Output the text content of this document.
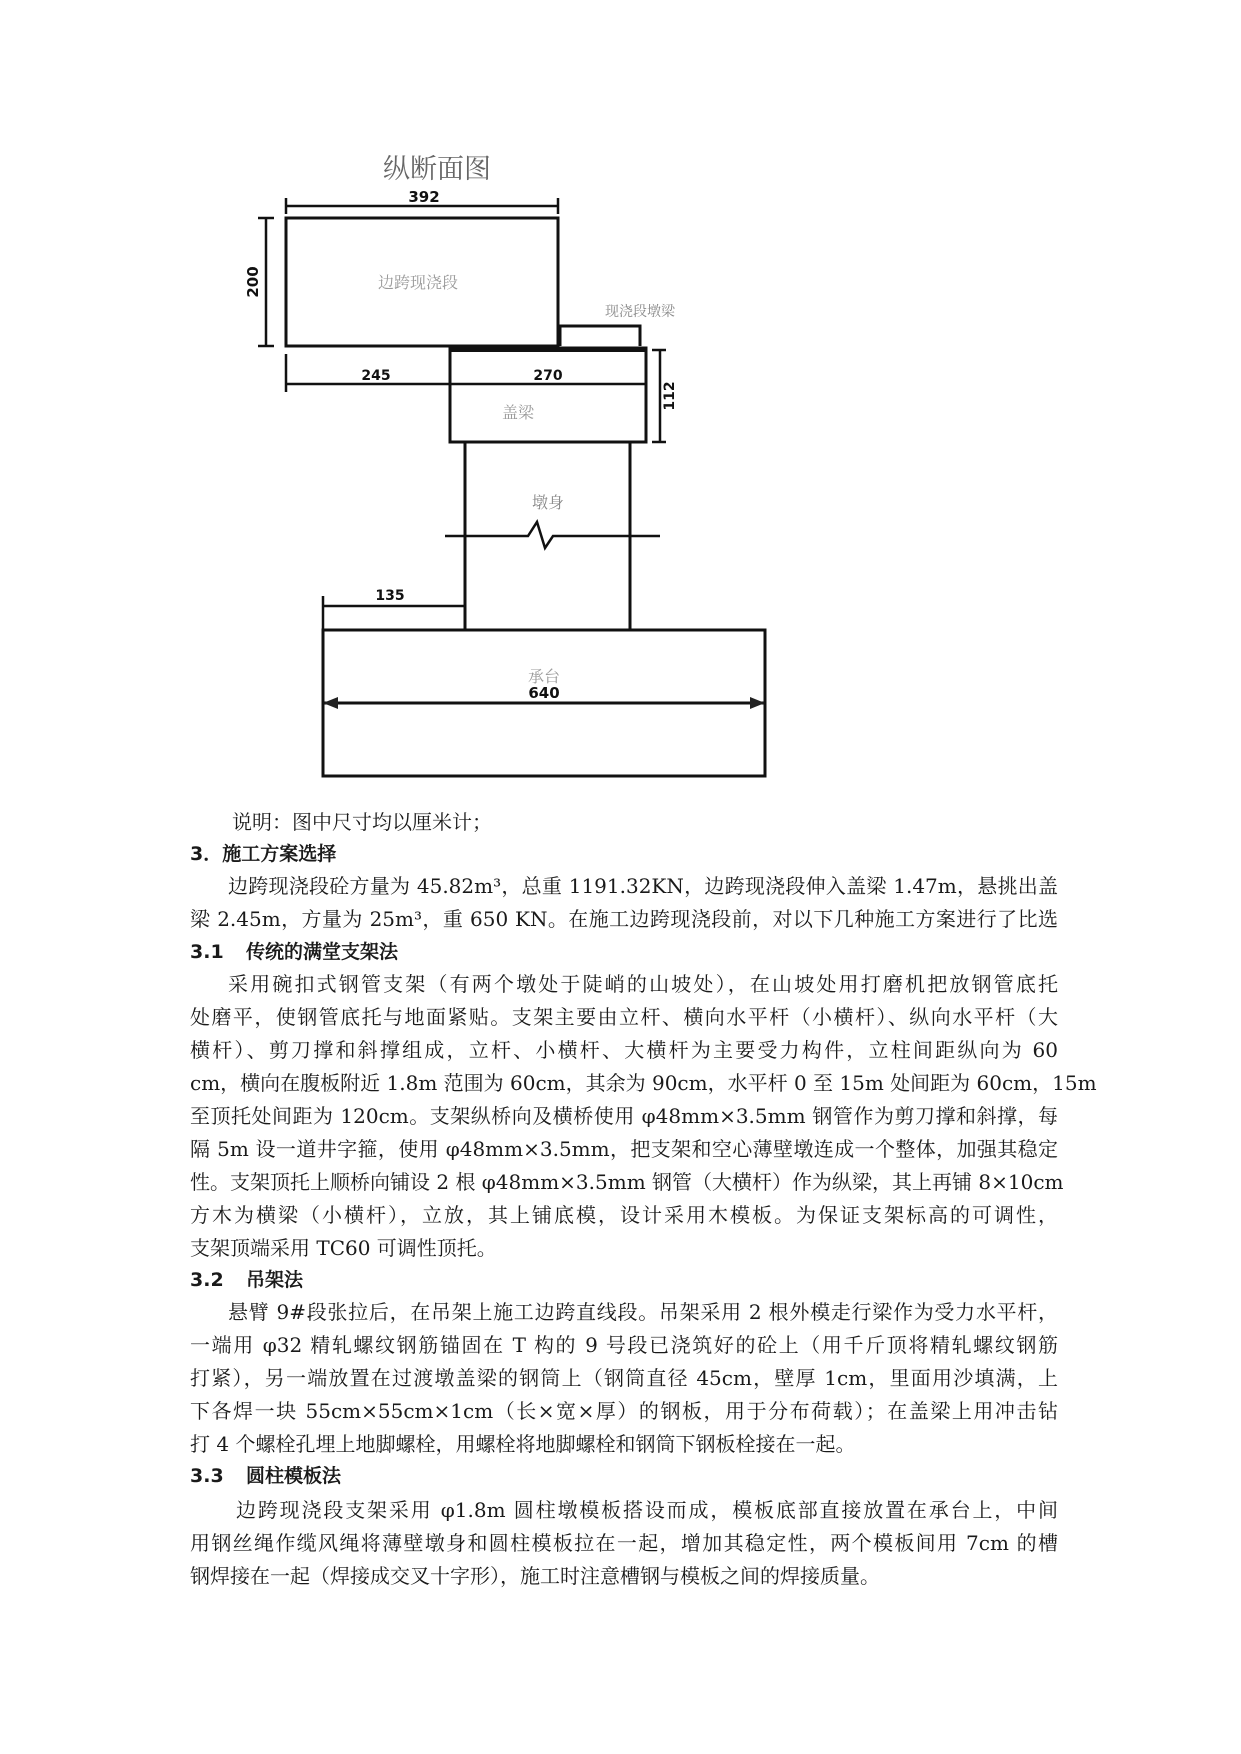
纵断面图
392
200	边跨现浇段
现浇段墩梁
245	270
112
盖梁
墩身
135
承台
640
说明：图中尺寸均以厘米计；
3．施工方案选择
边跨现浇段砼方量为 45.82m³，总重 1191.32KN，边跨现浇段伸入盖梁 1.47m，悬挑出盖
梁 2.45m，方量为 25m³，重 650 KN。在施工边跨现浇段前，对以下几种施工方案进行了比选
3.1 传统的满堂支架法
采用碗扣式钢管支架（有两个墩处于陡峭的山坡处），在山坡处用打磨机把放钢管底托
处磨平，使钢管底托与地面紧贴。支架主要由立杆、横向水平杆（小横杆）、纵向水平杆（大
横杆）、剪刀撑和斜撑组成，立杆、小横杆、大横杆为主要受力构件，立柱间距纵向为 60
cm，横向在腹板附近 1.8m 范围为 60cm，其余为 90cm，水平杆 0 至 15m 处间距为 60cm，15m
至顶托处间距为 120cm。支架纵桥向及横桥使用 φ48mm×3.5mm 钢管作为剪刀撑和斜撑，每
隔 5m 设一道井字箍，使用 φ48mm×3.5mm，把支架和空心薄壁墩连成一个整体，加强其稳定
性。支架顶托上顺桥向铺设 2 根 φ48mm×3.5mm 钢管（大横杆）作为纵梁，其上再铺 8×10cm
方木为横梁（小横杆），立放，其上铺底模，设计采用木模板。为保证支架标高的可调性，
支架顶端采用 TC60 可调性顶托。
3.2 吊架法
悬臂 9#段张拉后，在吊架上施工边跨直线段。吊架采用 2 根外模走行梁作为受力水平杆，
一端用 φ32 精轧螺纹钢筋锚固在 T 构的 9 号段已浇筑好的砼上（用千斤顶将精轧螺纹钢筋
打紧），另一端放置在过渡墩盖梁的钢筒上（钢筒直径 45cm，壁厚 1cm，里面用沙填满，上
下各焊一块 55cm×55cm×1cm（长×宽×厚）的钢板，用于分布荷载）；在盖梁上用冲击钻
打 4 个螺栓孔埋上地脚螺栓，用螺栓将地脚螺栓和钢筒下钢板栓接在一起。
3.3 圆柱模板法
边跨现浇段支架采用 φ1.8m 圆柱墩模板搭设而成，模板底部直接放置在承台上，中间
用钢丝绳作缆风绳将薄壁墩身和圆柱模板拉在一起，增加其稳定性，两个模板间用 7cm 的槽
钢焊接在一起（焊接成交叉十字形），施工时注意槽钢与模板之间的焊接质量。
